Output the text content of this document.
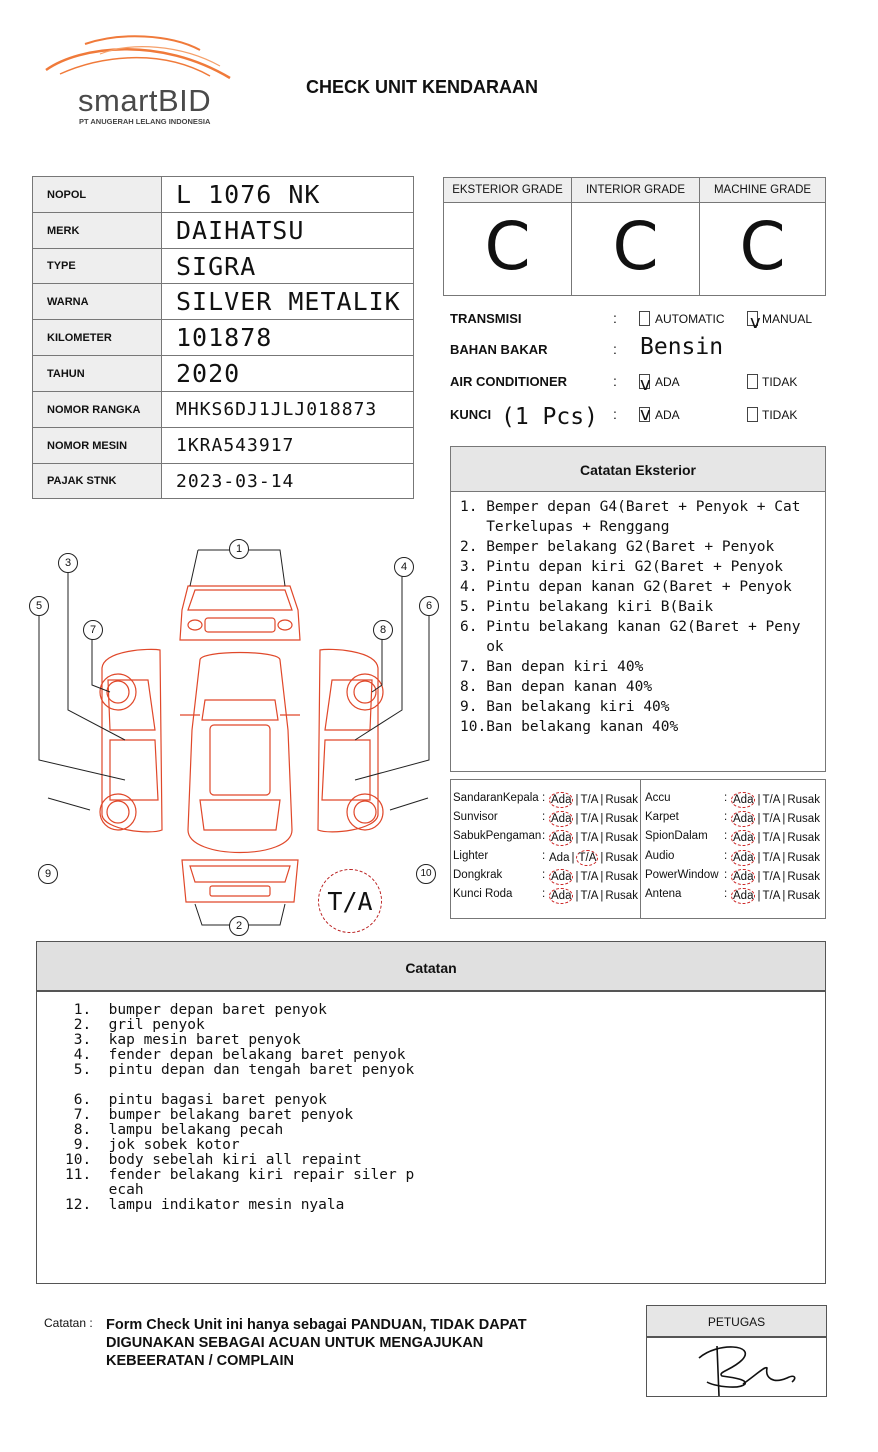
smartBID
PT ANUGERAH LELANG INDONESIA
CHECK UNIT KENDARAAN
NOPOL	L 1076 NK
MERK	DAIHATSU
TYPE	SIGRA
WARNA	SILVER METALIK
KILOMETER	101878
TAHUN	2020
NOMOR RANGKA	MHKS6DJ1JLJ018873
NOMOR MESIN	1KRA543917
PAJAK STNK	2023-03-14
EKSTERIOR GRADE
C
INTERIOR GRADE
C
MACHINE GRADE
C
TRANSMISI	:	AUTOMATIC v MANUAL
BAHAN BAKAR	: Bensin
AIR CONDITIONER	: v ADA	TIDAK
KUNCI (1 Pcs) : v ADA	TIDAK
Catatan Eksterior
1. Bemper depan G4(Baret + Penyok + Cat
Terkelupas + Renggang
2. Bemper belakang G2(Baret + Penyok
3. Pintu depan kiri G2(Baret + Penyok
4. Pintu depan kanan G2(Baret + Penyok
5. Pintu belakang kiri B(Baik
6. Pintu belakang kanan G2(Baret + Peny
ok
7. Ban depan kiri 40%
8. Ban depan kanan 40%
9. Ban belakang kiri 40%
10.Ban belakang kanan 40%
SandaranKepala : Ada | T/A | Rusak
Sunvisor	: Ada | T/A | Rusak
SabukPengaman : Ada | T/A | Rusak
Lighter	: Ada | T/A | Rusak
Dongkrak	: Ada | T/A | Rusak
Kunci Roda	: Ada | T/A | Rusak
Accu	: Ada | T/A | Rusak
Karpet	: Ada | T/A | Rusak
SpionDalam : Ada | T/A | Rusak
Audio	: Ada | T/A | Rusak
PowerWindow : Ada | T/A | Rusak
Antena	: Ada | T/A | Rusak
1
2
3	4
5	6
7	8
9	10
T/A
Catatan
1.  bumper depan baret penyok
2.  gril penyok
3.  kap mesin baret penyok
4.  fender depan belakang baret penyok
5.  pintu depan dan tengah baret penyok
6.  pintu bagasi baret penyok
7.  bumper belakang baret penyok
8.  lampu belakang pecah
9.  jok sobek kotor
10.  body sebelah kiri all repaint
11.  fender belakang kiri repair siler p
ecah
12.  lampu indikator mesin nyala
Catatan : Form Check Unit ini hanya sebagai PANDUAN, TIDAK DAPAT DIGUNAKAN SEBAGAI ACUAN UNTUK MENGAJUKAN KEBEERATAN / COMPLAIN
PETUGAS
